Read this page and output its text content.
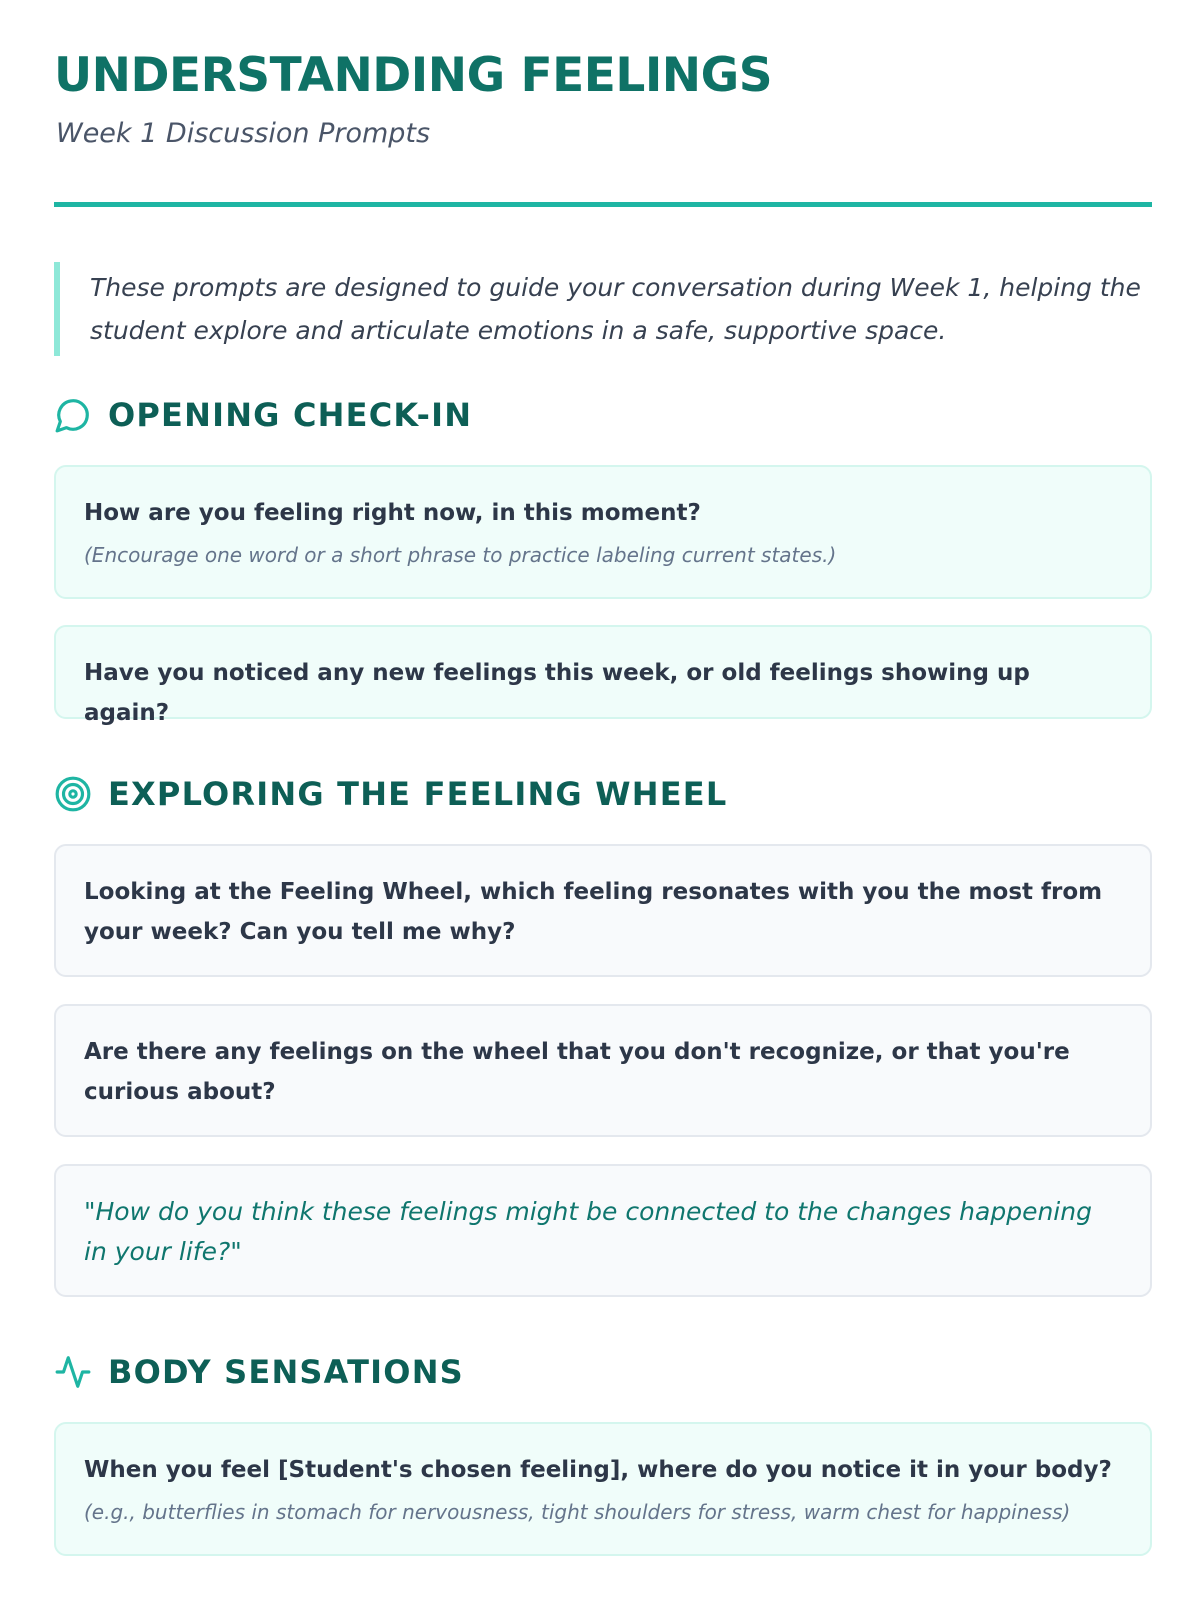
UNDERSTANDING FEELINGS
Week 1 Discussion Prompts
These prompts are designed to guide your conversation during Week 1, helping the student explore and articulate emotions in a safe, supportive space.
OPENING CHECK-IN
How are you feeling right now, in this moment?
(Encourage one word or a short phrase to practice labeling current states.)
Have you noticed any new feelings this week, or old feelings showing up again?
EXPLORING THE FEELING WHEEL
Looking at the Feeling Wheel, which feeling resonates with you the most from your week? Can you tell me why?
Are there any feelings on the wheel that you don't recognize, or that you're curious about?
"How do you think these feelings might be connected to the changes happening in your life?"
BODY SENSATIONS
When you feel [Student's chosen feeling], where do you notice it in your body?
(e.g., butterflies in stomach for nervousness, tight shoulders for stress, warm chest for happiness)
